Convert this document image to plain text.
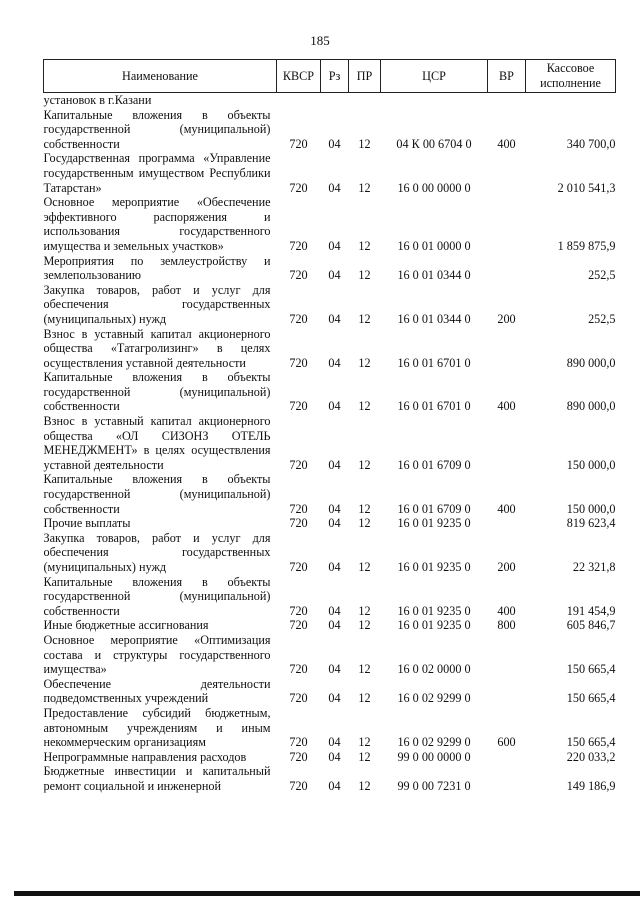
185
Наименование	КВСР	Рз	ПР	ЦСР	ВР	Кассовое исполнение
установок в г.Казани						
Капитальные вложения в объекты государственной (муниципальной) собственности	720	04	12	04 К 00 6704 0	400	340 700,0
Государственная программа «Управление государственным имуществом Республики Татарстан»	720	04	12	16 0 00 0000 0		2 010 541,3
Основное мероприятие «Обеспечение эффективного распоряжения и использования государственного имущества и земельных участков»	720	04	12	16 0 01 0000 0		1 859 875,9
Мероприятия по землеустройству и землепользованию	720	04	12	16 0 01 0344 0		252,5
Закупка товаров, работ и услуг для обеспечения государственных (муниципальных) нужд	720	04	12	16 0 01 0344 0	200	252,5
Взнос в уставный капитал акционерного общества «Татагролизинг» в целях осуществления уставной деятельности	720	04	12	16 0 01 6701 0		890 000,0
Капитальные вложения в объекты государственной (муниципальной) собственности	720	04	12	16 0 01 6701 0	400	890 000,0
Взнос в уставный капитал акционерного общества «ОЛ СИЗОНЗ ОТЕЛЬ МЕНЕДЖМЕНТ» в целях осуществления уставной деятельности	720	04	12	16 0 01 6709 0		150 000,0
Капитальные вложения в объекты государственной (муниципальной) собственности	720	04	12	16 0 01 6709 0	400	150 000,0
Прочие выплаты	720	04	12	16 0 01 9235 0		819 623,4
Закупка товаров, работ и услуг для обеспечения государственных (муниципальных) нужд	720	04	12	16 0 01 9235 0	200	22 321,8
Капитальные вложения в объекты государственной (муниципальной) собственности	720	04	12	16 0 01 9235 0	400	191 454,9
Иные бюджетные ассигнования	720	04	12	16 0 01 9235 0	800	605 846,7
Основное мероприятие «Оптимизация состава и структуры государственного имущества»	720	04	12	16 0 02 0000 0		150 665,4
Обеспечение деятельности подведомственных учреждений	720	04	12	16 0 02 9299 0		150 665,4
Предоставление субсидий бюджетным, автономным учреждениям и иным некоммерческим организациям	720	04	12	16 0 02 9299 0	600	150 665,4
Непрограммные направления расходов	720	04	12	99 0 00 0000 0		220 033,2
Бюджетные инвестиции и капитальный ремонт социальной и инженерной	720	04	12	99 0 00 7231 0		149 186,9
